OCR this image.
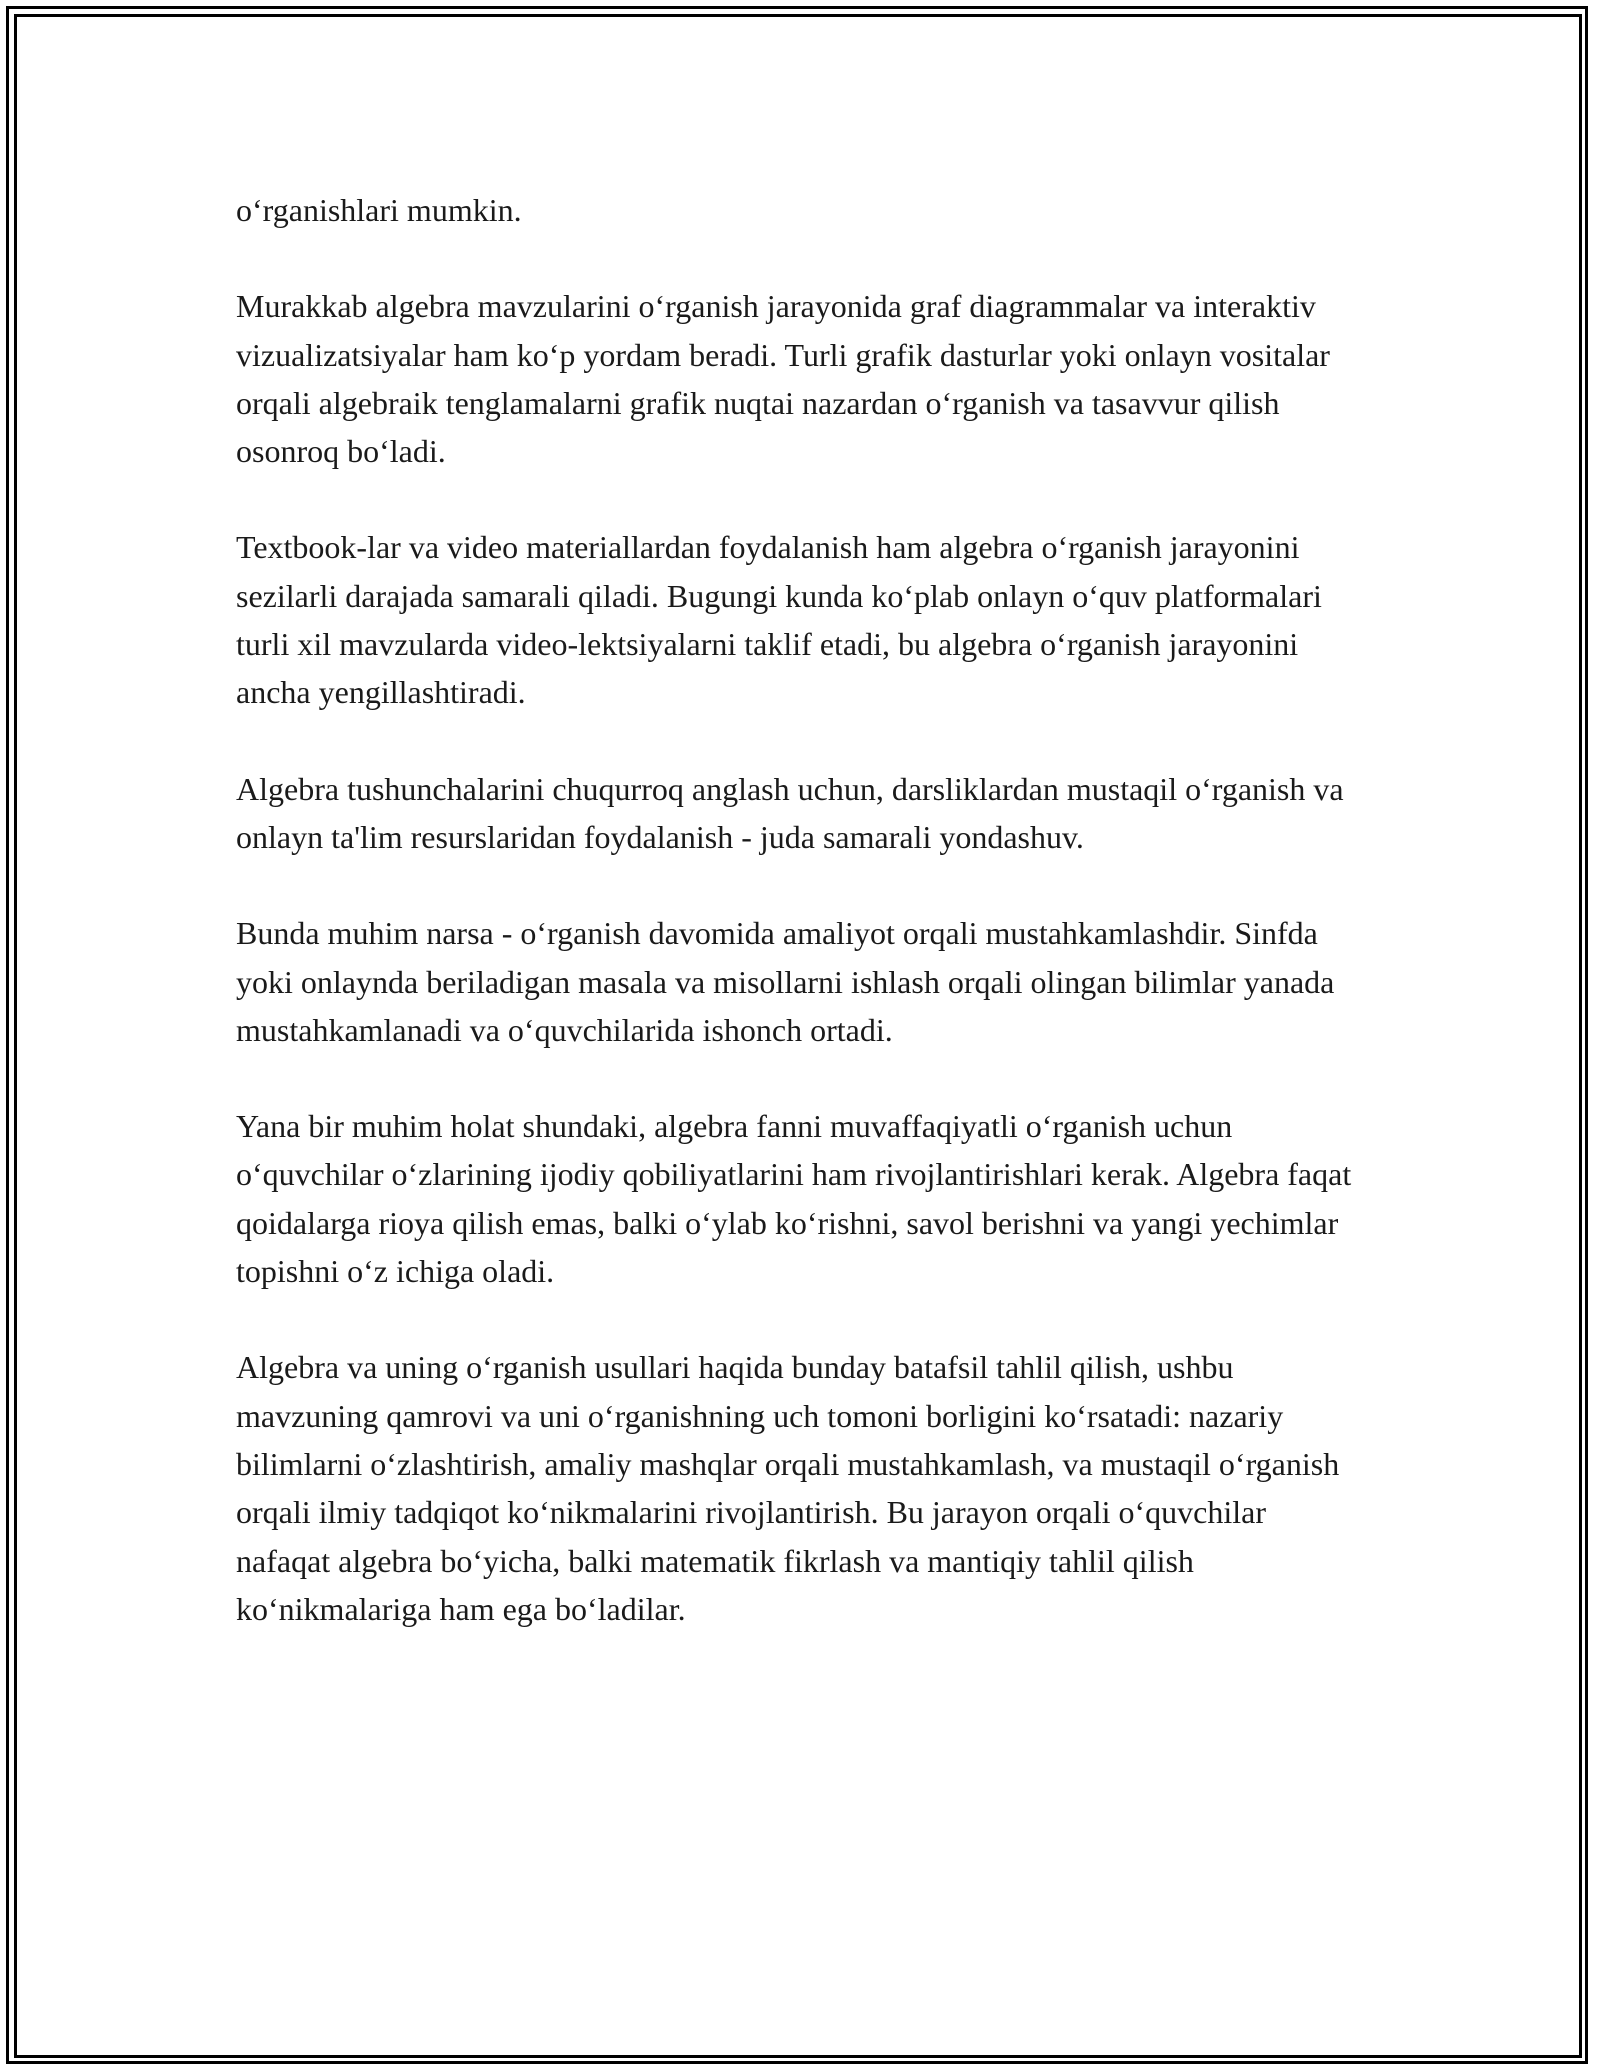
o‘rganishlari mumkin.

Murakkab algebra mavzularini o‘rganish jarayonida graf diagrammalar va interaktiv vizualizatsiyalar ham ko‘p yordam beradi. Turli grafik dasturlar yoki onlayn vositalar orqali algebraik tenglamalarni grafik nuqtai nazardan o‘rganish va tasavvur qilish osonroq bo‘ladi.

Textbook-lar va video materiallardan foydalanish ham algebra o‘rganish jarayonini sezilarli darajada samarali qiladi. Bugungi kunda ko‘plab onlayn o‘quv platformalari turli xil mavzularda video-lektsiyalarni taklif etadi, bu algebra o‘rganish jarayonini ancha yengillashtiradi.

Algebra tushunchalarini chuqurroq anglash uchun, darsliklardan mustaqil o‘rganish va onlayn ta'lim resurslaridan foydalanish - juda samarali yondashuv.

Bunda muhim narsa - o‘rganish davomida amaliyot orqali mustahkamlashdir. Sinfda yoki onlaynda beriladigan masala va misollarni ishlash orqali olingan bilimlar yanada mustahkamlanadi va o‘quvchilarida ishonch ortadi.

Yana bir muhim holat shundaki, algebra fanni muvaffaqiyatli o‘rganish uchun o‘quvchilar o‘zlarining ijodiy qobiliyatlarini ham rivojlantirishlari kerak. Algebra faqat qoidalarga rioya qilish emas, balki o‘ylab ko‘rishni, savol berishni va yangi yechimlar topishni o‘z ichiga oladi.

Algebra va uning o‘rganish usullari haqida bunday batafsil tahlil qilish, ushbu mavzuning qamrovi va uni o‘rganishning uch tomoni borligini ko‘rsatadi: nazariy bilimlarni o‘zlashtirish, amaliy mashqlar orqali mustahkamlash, va mustaqil o‘rganish orqali ilmiy tadqiqot ko‘nikmalarini rivojlantirish. Bu jarayon orqali o‘quvchilar nafaqat algebra bo‘yicha, balki matematik fikrlash va mantiqiy tahlil qilish ko‘nikmalariga ham ega bo‘ladilar.
